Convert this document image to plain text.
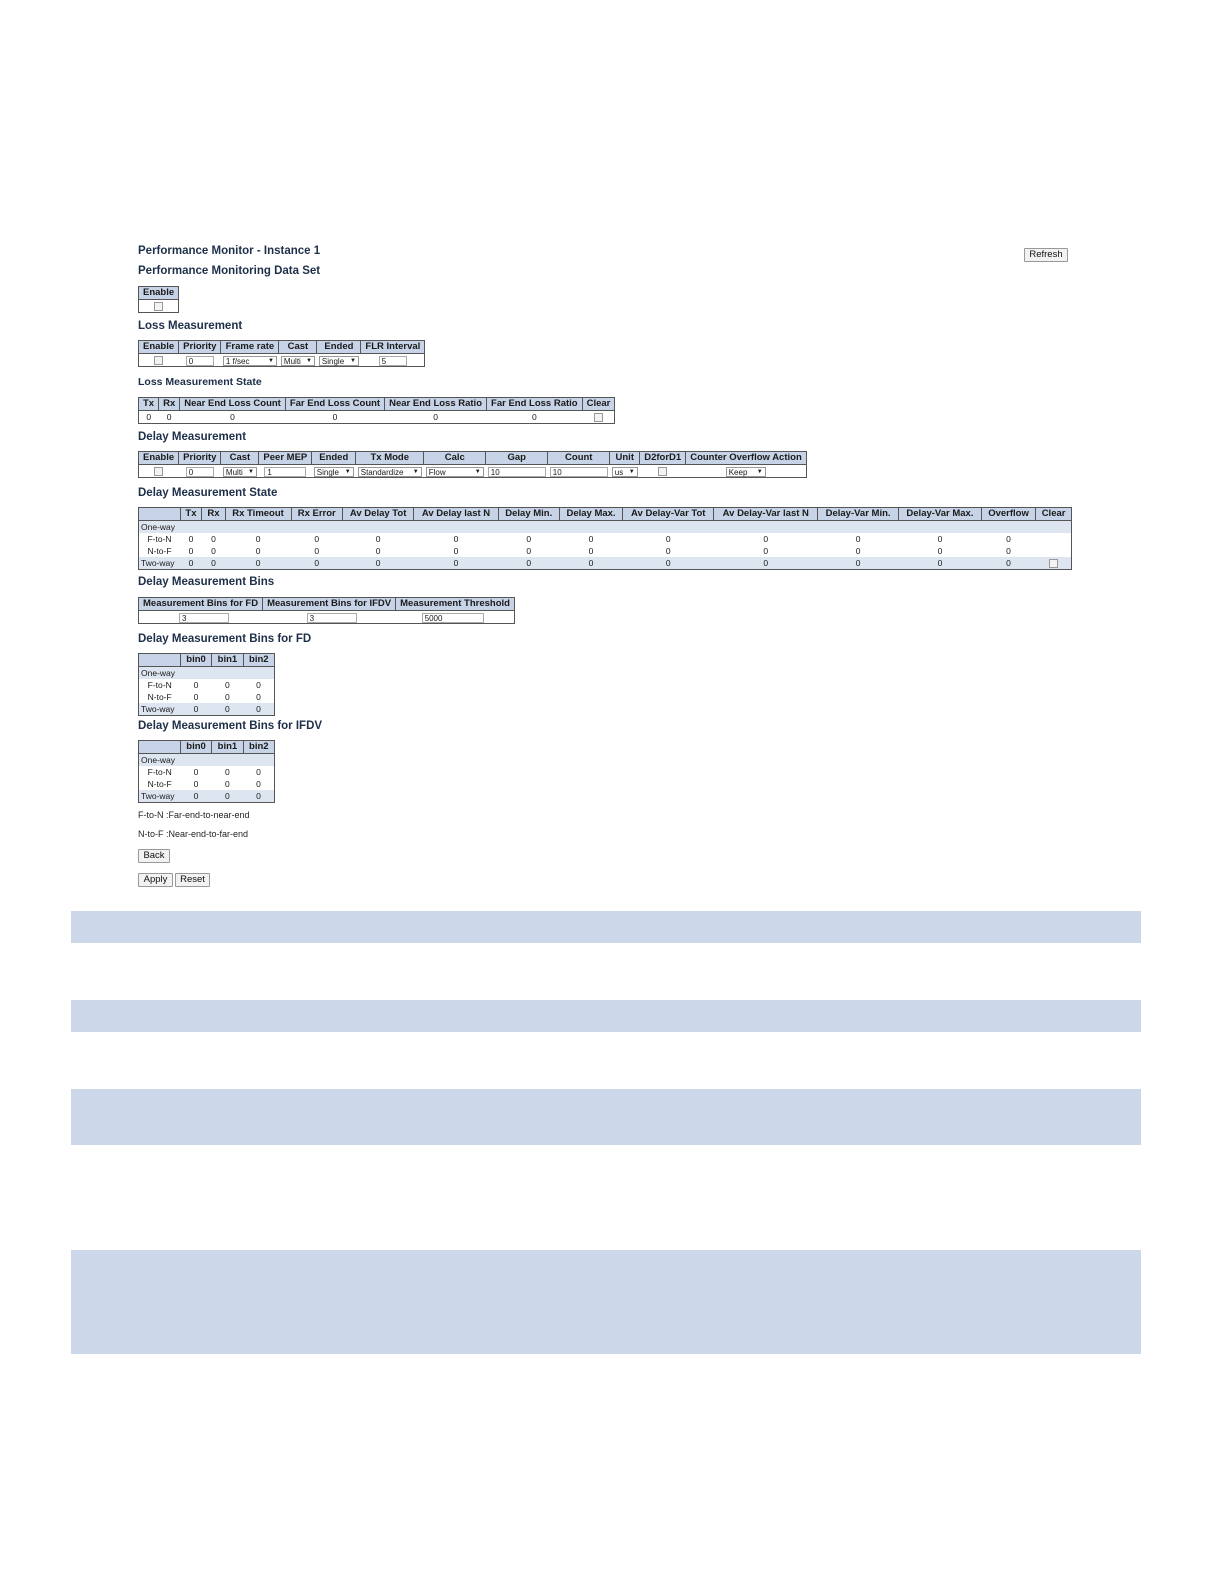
Performance Monitor - Instance 1	Refresh
Performance Monitoring Data Set
Enable

Loss Measurement
Enable	Priority	Frame rate	Cast	Ended	FLR Interval
	0	1 f/sec ▼	Multi ▼	Single ▼	5
Loss Measurement State
Tx	Rx	Near End Loss Count	Far End Loss Count	Near End Loss Ratio	Far End Loss Ratio	Clear
0	0	0	0	0	0	
Delay Measurement
Enable	Priority	Cast	Peer MEP	Ended	Tx Mode	Calc	Gap	Count	Unit	D2forD1	Counter Overflow Action
	0	Multi ▼	1	Single ▼	Standardize ▼	Flow ▼	10	10	us ▼		Keep ▼
Delay Measurement State
	Tx	Rx	Rx Timeout	Rx Error	Av Delay Tot	Av Delay last N	Delay Min.	Delay Max.	Av Delay-Var Tot	Av Delay-Var last N	Delay-Var Min.	Delay-Var Max.	Overflow	Clear
One-way														
F-to-N	0	0	0	0	0	0	0	0	0	0	0	0	0	
N-to-F	0	0	0	0	0	0	0	0	0	0	0	0	0	
Two-way	0	0	0	0	0	0	0	0	0	0	0	0	0	
Delay Measurement Bins
Measurement Bins for FD	Measurement Bins for IFDV	Measurement Threshold
3	3	5000
Delay Measurement Bins for FD
	bin0	bin1	bin2
One-way			
F-to-N	0	0	0
N-to-F	0	0	0
Two-way	0	0	0
Delay Measurement Bins for IFDV
	bin0	bin1	bin2
One-way			
F-to-N	0	0	0
N-to-F	0	0	0
Two-way	0	0	0
F-to-N :Far-end-to-near-end
N-to-F :Near-end-to-far-end
Back
Apply	Reset
